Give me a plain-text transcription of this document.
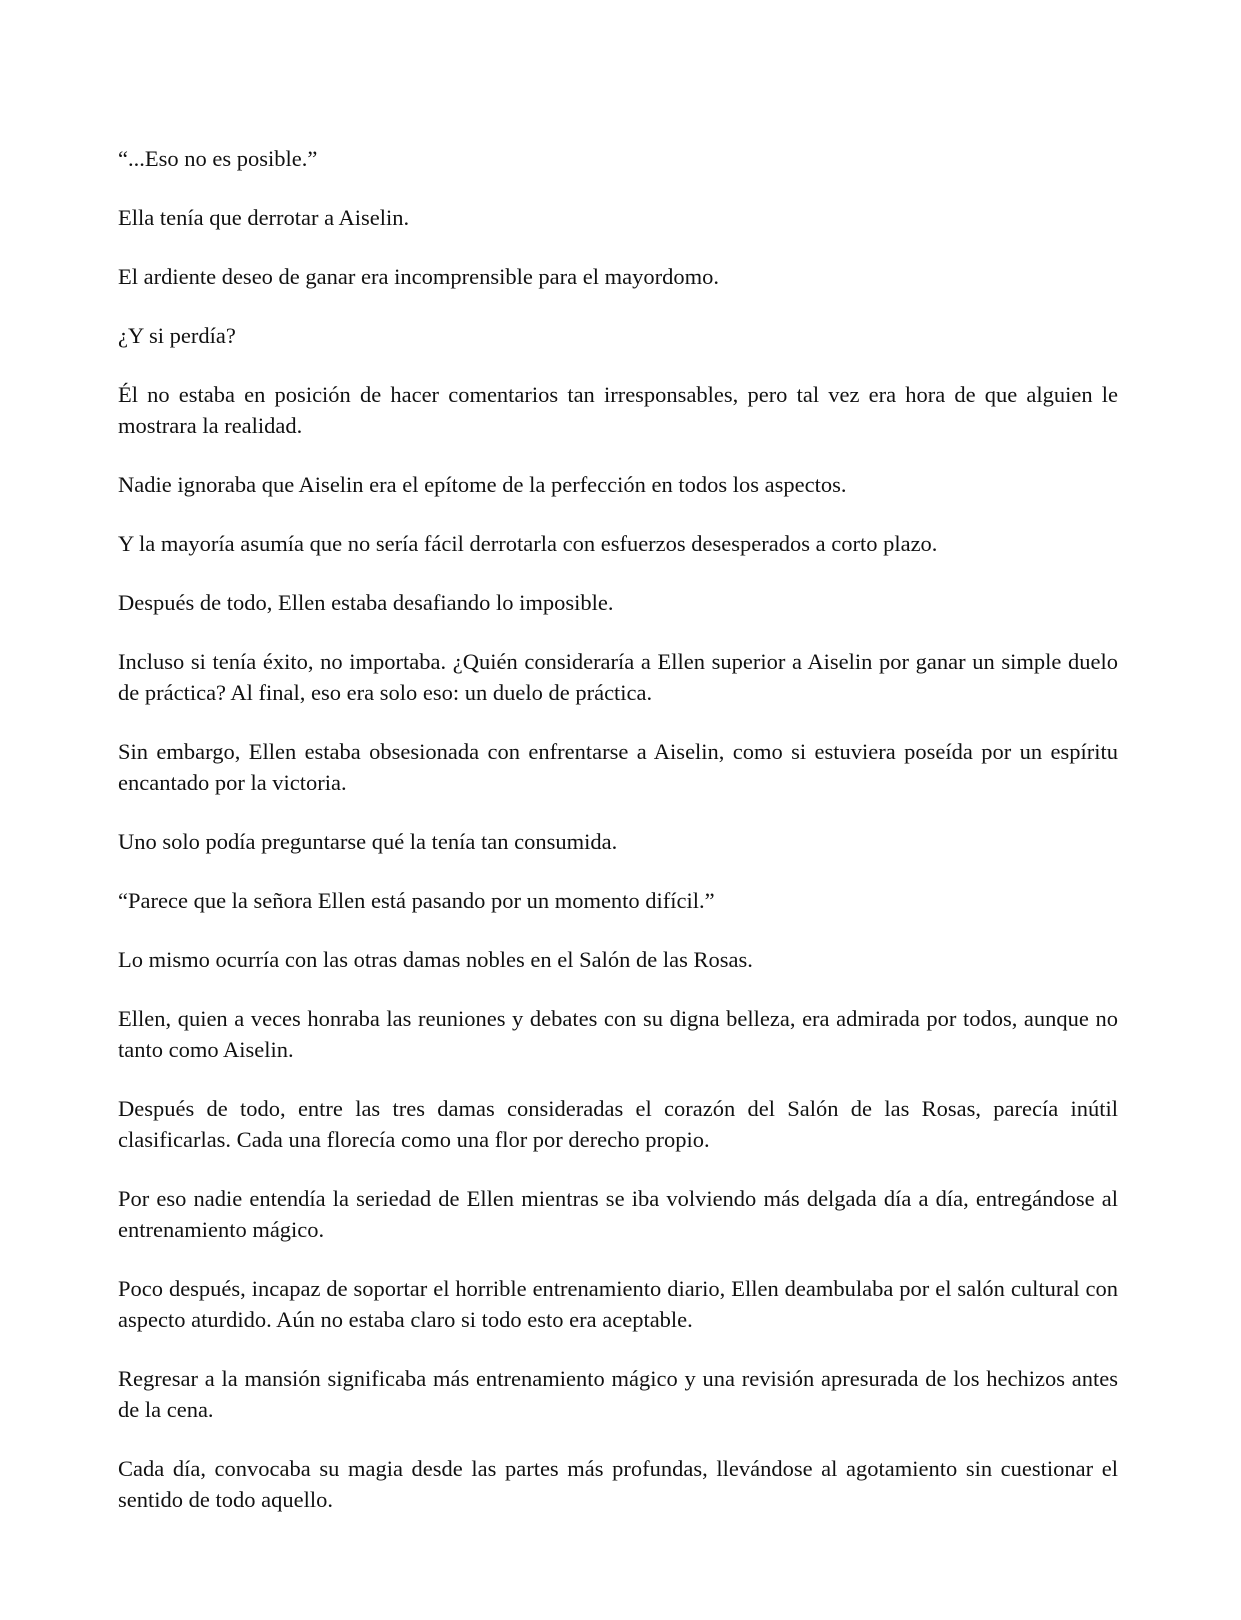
“...Eso no es posible.”

Ella tenía que derrotar a Aiselin.

El ardiente deseo de ganar era incomprensible para el mayordomo.

¿Y si perdía?

Él no estaba en posición de hacer comentarios tan irresponsables, pero tal vez era hora de que alguien le mostrara la realidad.

Nadie ignoraba que Aiselin era el epítome de la perfección en todos los aspectos.

Y la mayoría asumía que no sería fácil derrotarla con esfuerzos desesperados a corto plazo.

Después de todo, Ellen estaba desafiando lo imposible.

Incluso si tenía éxito, no importaba. ¿Quién consideraría a Ellen superior a Aiselin por ganar un simple duelo de práctica? Al final, eso era solo eso: un duelo de práctica.

Sin embargo, Ellen estaba obsesionada con enfrentarse a Aiselin, como si estuviera poseída por un espíritu encantado por la victoria.

Uno solo podía preguntarse qué la tenía tan consumida.

“Parece que la señora Ellen está pasando por un momento difícil.”

Lo mismo ocurría con las otras damas nobles en el Salón de las Rosas.

Ellen, quien a veces honraba las reuniones y debates con su digna belleza, era admirada por todos, aunque no tanto como Aiselin.

Después de todo, entre las tres damas consideradas el corazón del Salón de las Rosas, parecía inútil clasificarlas. Cada una florecía como una flor por derecho propio.

Por eso nadie entendía la seriedad de Ellen mientras se iba volviendo más delgada día a día, entregándose al entrenamiento mágico.

Poco después, incapaz de soportar el horrible entrenamiento diario, Ellen deambulaba por el salón cultural con aspecto aturdido. Aún no estaba claro si todo esto era aceptable.

Regresar a la mansión significaba más entrenamiento mágico y una revisión apresurada de los hechizos antes de la cena.

Cada día, convocaba su magia desde las partes más profundas, llevándose al agotamiento sin cuestionar el sentido de todo aquello.
